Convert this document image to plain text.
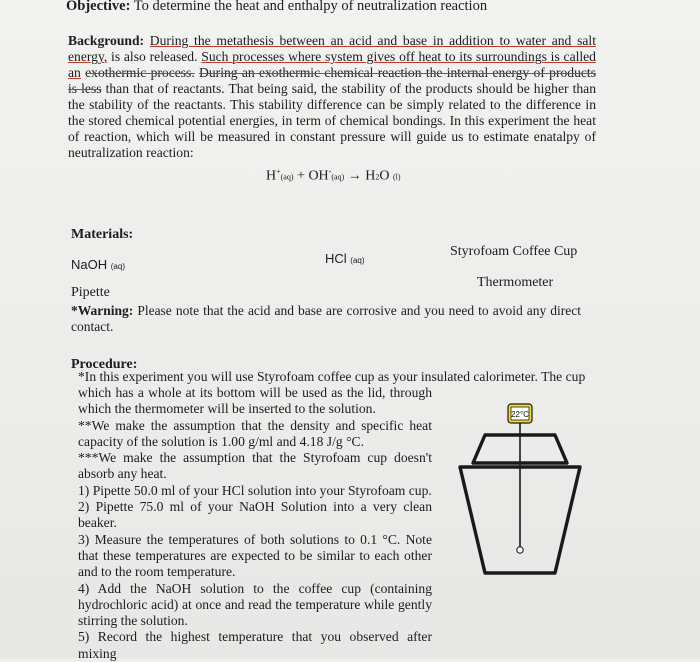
Objective: To determine the heat and enthalpy of neutralization reaction
Background: During the metathesis between an acid and base in addition to water and salt energy, is also released. Such processes where system gives off heat to its surroundings is called an exothermic process. During an exothermic chemical reaction the internal energy of products is less than that of reactants. That being said, the stability of the products should be higher than the stability of the reactants. This stability difference can be simply related to the difference in the stored chemical potential energies, in term of chemical bondings. In this experiment the heat of reaction, which will be measured in constant pressure will guide us to estimate enatalpy of neutralization reaction:
H+(aq) + OH-(aq) → H2O (l)
Materials:
NaOH (aq)
HCl (aq)
Styrofoam Coffee Cup
Thermometer
Pipette
*Warning: Please note that the acid and base are corrosive and you need to avoid any direct contact.
Procedure:
*In this experiment you will use Styrofoam coffee cup as your insulated calorimeter. The cup

which has a whole at its bottom will be used as the lid, through which the thermometer will be inserted to the solution.

**We make the assumption that the density and specific heat capacity of the solution is 1.00 g/ml and 4.18 J/g °C.

***We make the assumption that the Styrofoam cup doesn't absorb any heat.

1) Pipette 50.0 ml of your HCl solution into your Styrofoam cup.

2) Pipette 75.0 ml of your NaOH Solution into a very clean beaker.

3) Measure the temperatures of both solutions to 0.1 °C. Note that these temperatures are expected to be similar to each other and to the room temperature.

4) Add the NaOH solution to the coffee cup (containing hydrochloric acid) at once and read the temperature while gently stirring the solution.

5) Record the highest temperature that you observed after mixing

22°C
